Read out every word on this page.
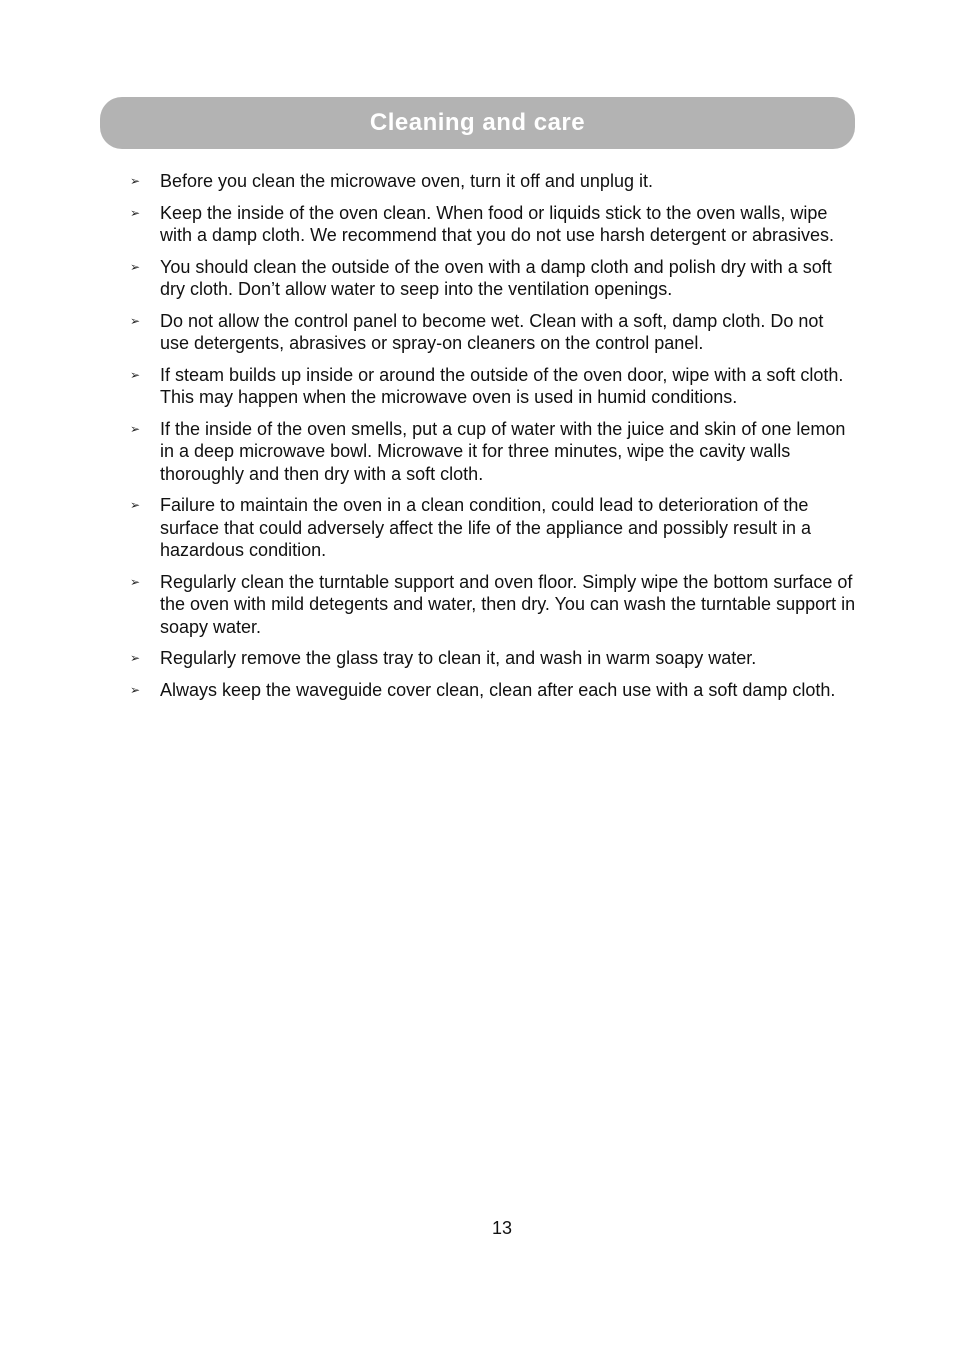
Cleaning and care
➢	Before you clean the microwave oven, turn it off and unplug it.
➢	Keep the inside of the oven clean. When food or liquids stick to the oven walls, wipe with a damp cloth. We recommend that you do not use harsh detergent or abrasives.
➢	You should clean the outside of the oven with a damp cloth and polish dry with a soft dry cloth. Don’t allow water to seep into the ventilation openings.
➢	Do not allow the control panel to become wet. Clean with a soft, damp cloth. Do not use detergents, abrasives or spray-on cleaners on the control panel.
➢	If steam builds up inside or around the outside of the oven door, wipe with a soft cloth. This may happen when the microwave oven is used in humid conditions.
➢	If the inside of the oven smells, put a cup of water with the juice and skin of one lemon in a deep microwave bowl. Microwave it for three minutes, wipe the cavity walls thoroughly and then dry with a soft cloth.
➢	Failure to maintain the oven in a clean condition, could lead to deterioration of the surface that could adversely affect the life of the appliance and possibly result in a hazardous condition.
➢	Regularly clean the turntable support and oven floor. Simply wipe the bottom surface of the oven with mild detegents and water, then dry. You can wash the turntable support in soapy water.
➢	Regularly remove the glass tray to clean it, and wash in warm soapy water.
➢	Always keep the waveguide cover clean, clean after each use with a soft damp cloth.
13
